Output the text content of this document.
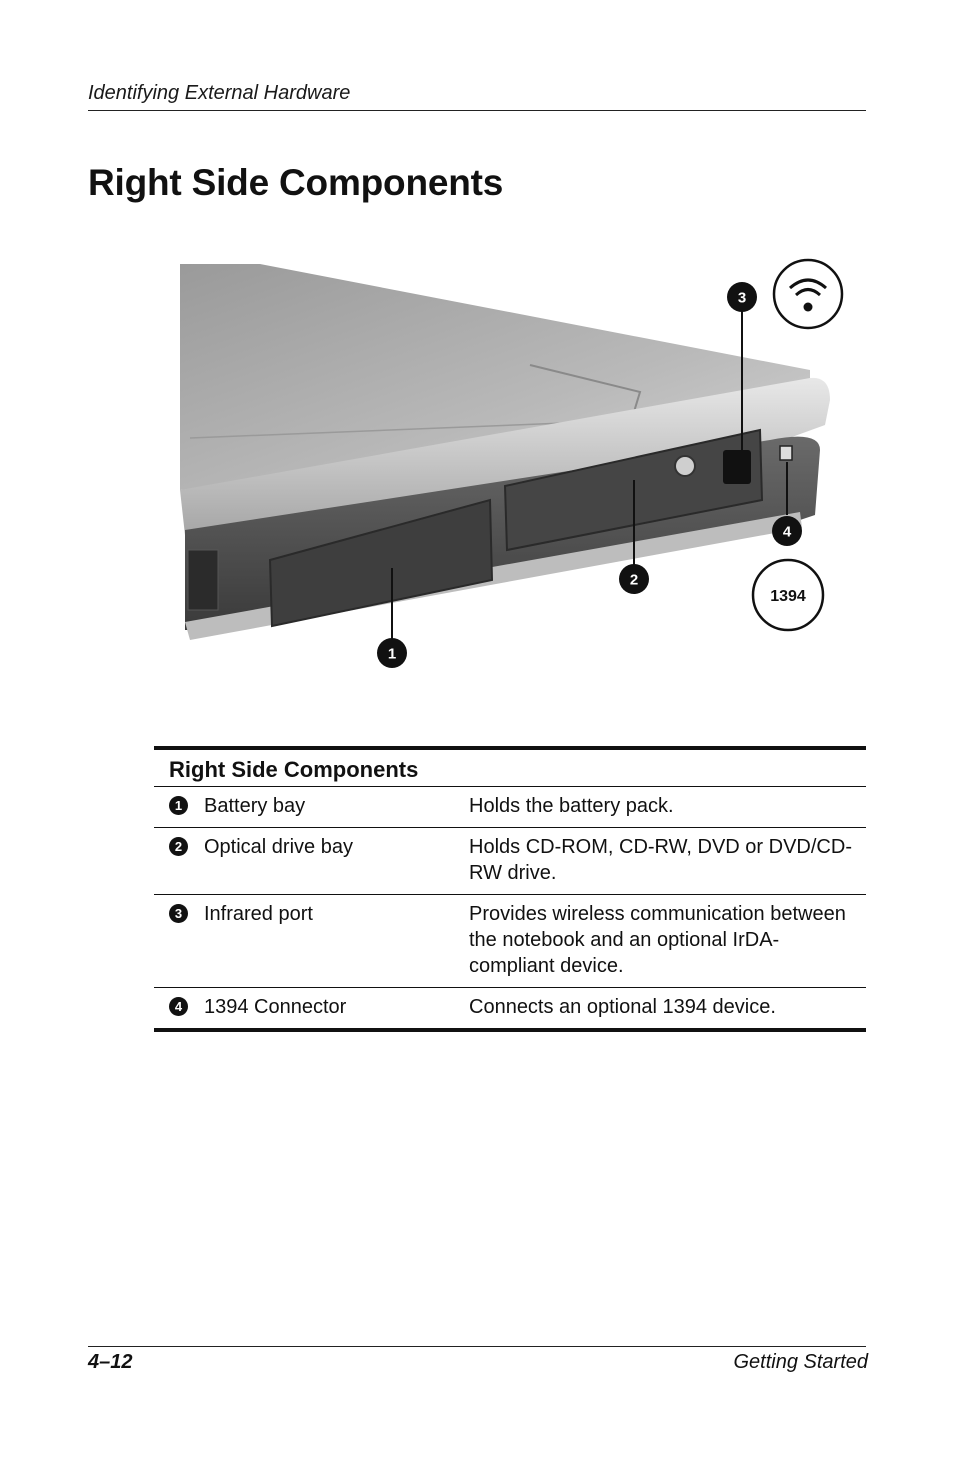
Identifying External Hardware
Right Side Components
1
2
3
4
1394
Right Side Components
1 Battery bay	Holds the battery pack.
2 Optical drive bay	Holds CD-ROM, CD-RW, DVD or DVD/CD-RW drive.
3 Infrared port	Provides wireless communication between the notebook and an optional IrDA-compliant device.
4 1394 Connector	Connects an optional 1394 device.
4–12	Getting Started
